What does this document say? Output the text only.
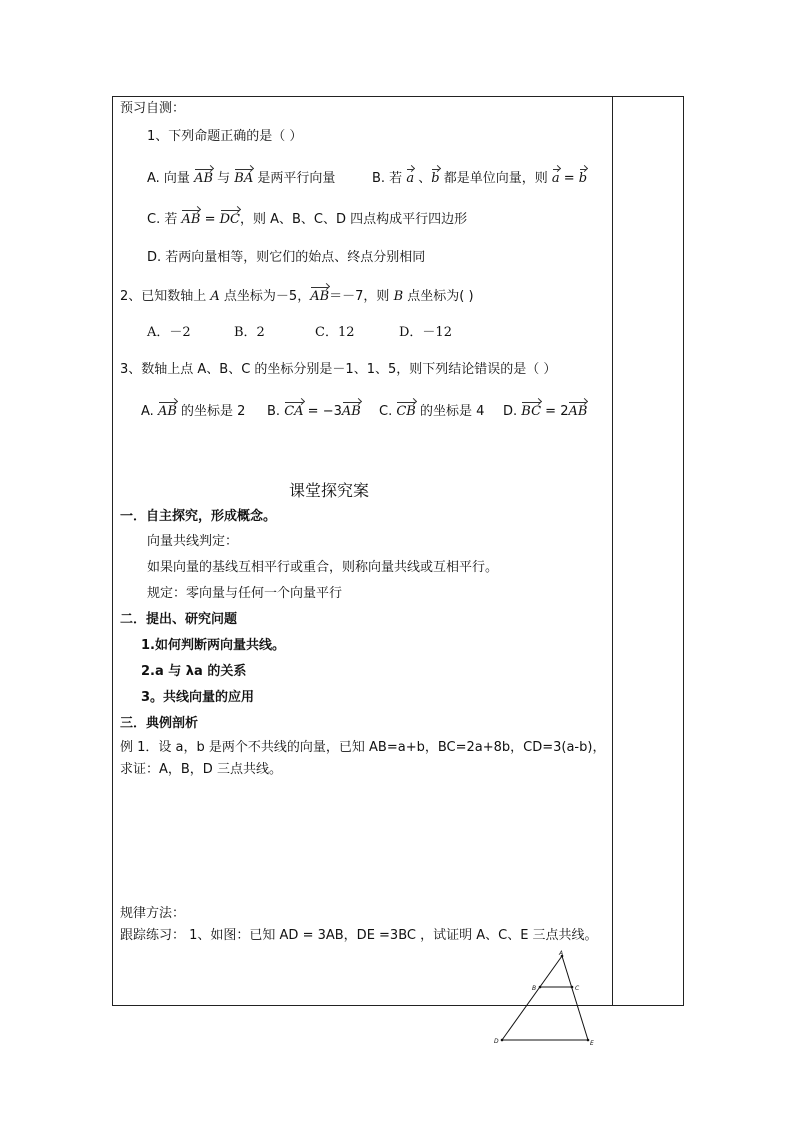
预习自测：
1、下列命题正确的是（ ）
A. 向量 AB 与 BA 是两平行向量	B. 若 a 、b 都是单位向量，则 a = b
C. 若 AB = DC，则 A、B、C、D 四点构成平行四边形
D. 若两向量相等，则它们的始点、终点分别相同
2、已知数轴上 A 点坐标为－5，AB＝－7，则 B 点坐标为( )
A．－2	B．2	C．12	D．－12
3、数轴上点 A、B、C 的坐标分别是－1、1、5，则下列结论错误的是（ ）
A. AB 的坐标是 2 B. CA = −3AB C. CB 的坐标是 4 D. BC = 2AB
课堂探究案
一．自主探究，形成概念。
向量共线判定：
如果向量的基线互相平行或重合，则称向量共线或互相平行。
规定：零向量与任何一个向量平行
二．提出、研究问题
1.如何判断两向量共线。
2.a 与 λa 的关系
3。共线向量的应用
三．典例剖析
例 1．设 a，b 是两个不共线的向量，已知 AB=a+b，BC=2a+8b，CD=3(a-b)，
求证：A，B，D 三点共线。
规律方法：
跟踪练习： 1、如图：已知 AD = 3AB，DE =3BC ，试证明 A、C、E 三点共线。
A
B	C
D	E
